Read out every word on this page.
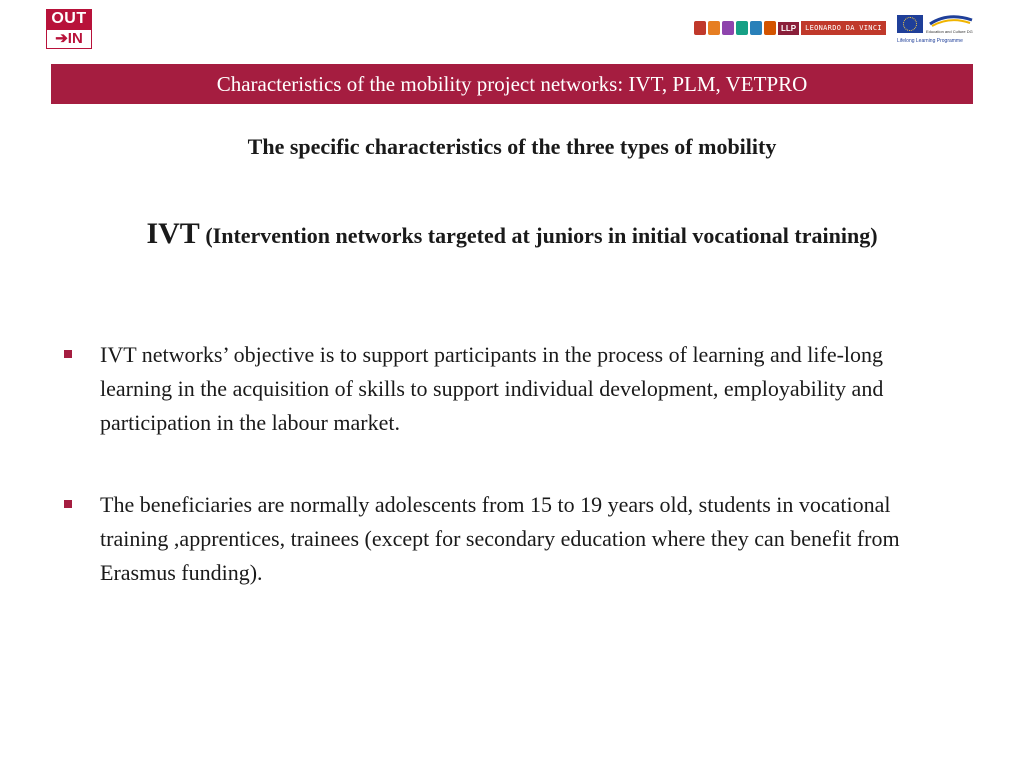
OUT
➔IN
LLP	LEONARDO DA VINCI	Education and Culture DG
Lifelong Learning Programme
Characteristics of the mobility project networks: IVT, PLM, VETPRO
The specific characteristics of the three types of mobility
IVT (Intervention networks targeted at juniors in initial vocational training)
IVT networks’ objective is to support participants in the process of learning and life-long learning in the acquisition of skills to support individual development, employability and participation in the labour market.
The beneficiaries are normally adolescents from 15 to 19 years old, students in vocational training ,apprentices, trainees (except for secondary education where they can benefit from Erasmus funding).
